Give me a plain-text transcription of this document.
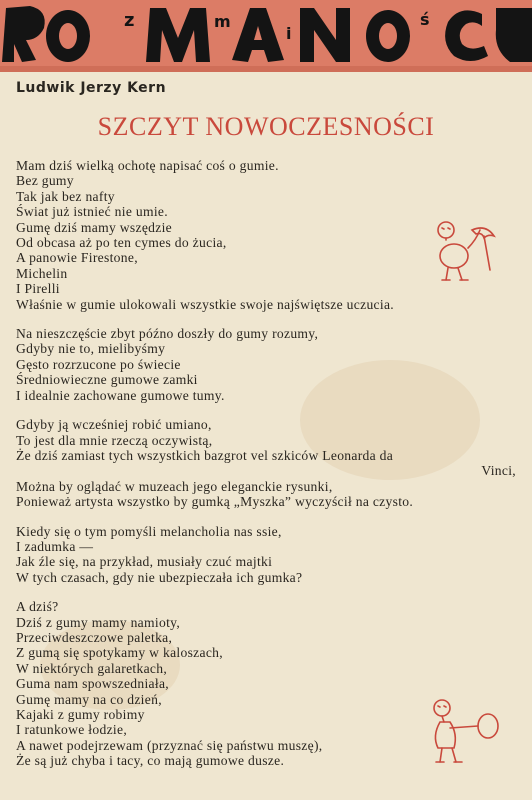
z	m
i
ś
Ludwik Jerzy Kern
SZCZYT NOWOCZESNOŚCI
Mam dziś wielką ochotę napisać coś o gumie.
Bez gumy
Tak jak bez nafty
Świat już istnieć nie umie.
Gumę dziś mamy wszędzie
Od obcasa aż po ten cymes do żucia,
A panowie Firestone,
Michelin
I Pirelli
Właśnie w gumie ulokowali wszystkie swoje najświętsze uczucia.
Na nieszczęście zbyt późno doszły do gumy rozumy,
Gdyby nie to, mielibyśmy
Gęsto rozrzucone po świecie
Średniowieczne gumowe zamki
I idealnie zachowane gumowe tumy.
Gdyby ją wcześniej robić umiano,
To jest dla mnie rzeczą oczywistą,
Że dziś zamiast tych wszystkich bazgrot vel szkiców Leonarda da
Vinci,
Można by oglądać w muzeach jego eleganckie rysunki,
Ponieważ artysta wszystko by gumką „Myszka” wyczyścił na czysto.
Kiedy się o tym pomyśli melancholia nas ssie,
I zadumka —
Jak źle się, na przykład, musiały czuć majtki
W tych czasach, gdy nie ubezpieczała ich gumka?
A dziś?
Dziś z gumy mamy namioty,
Przeciwdeszczowe paletka,
Z gumą się spotykamy w kaloszach,
W niektórych galaretkach,
Guma nam spowszedniała,
Gumę mamy na co dzień,
Kajaki z gumy robimy
I ratunkowe łodzie,
A nawet podejrzewam (przyznać się państwu muszę),
Że są już chyba i tacy, co mają gumowe dusze.
